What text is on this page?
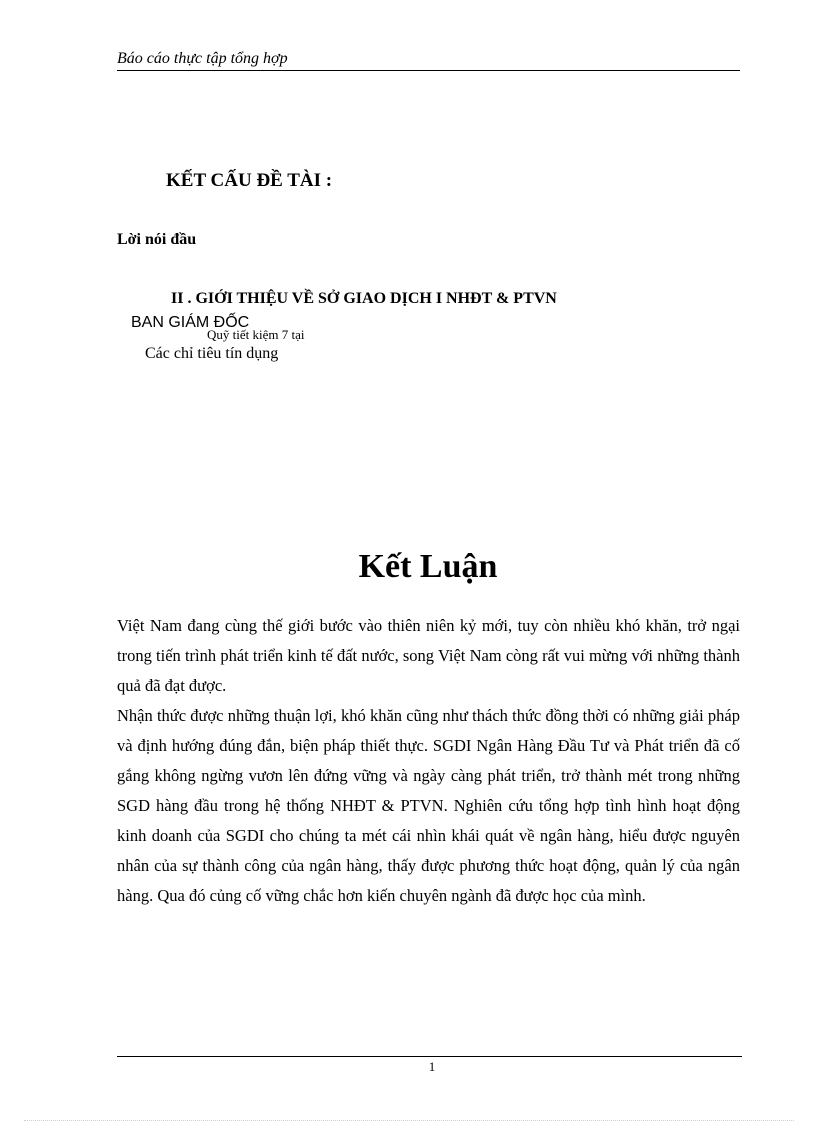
Báo cáo thực tập tổng hợp
KẾT CẤU ĐỀ TÀI :
Lời nói đầu
II . GIỚI THIỆU VỀ SỞ GIAO DỊCH I NHĐT & PTVN
BAN GIÁM ĐỐC
Quỹ tiết kiệm 7 tại
Các chỉ tiêu tín dụng
Kết Luận

Việt Nam đang cùng thế giới bước vào thiên niên kỷ mới, tuy còn nhiều khó khăn, trở ngại trong tiến trình phát triển kinh tế đất nước, song Việt Nam còng rất vui mừng với những thành quả đã đạt được.

Nhận thức được những thuận lợi, khó khăn cũng như thách thức đồng thời có những giải pháp và định hướng đúng đắn, biện pháp thiết thực. SGDI Ngân Hàng Đầu Tư và Phát triển đã cố gắng không ngừng vươn lên đứng vững và ngày càng phát triển, trở thành mét trong những SGD hàng đầu trong hệ thống NHĐT & PTVN. Nghiên cứu tổng hợp tình hình hoạt động kinh doanh của SGDI cho chúng ta mét cái nhìn khái quát về ngân hàng, hiểu được nguyên nhân của sự thành công của ngân hàng, thấy được phương thức hoạt động, quản lý của ngân hàng. Qua đó củng cố vững chắc hơn kiến chuyên ngành đã được học của mình.

1
